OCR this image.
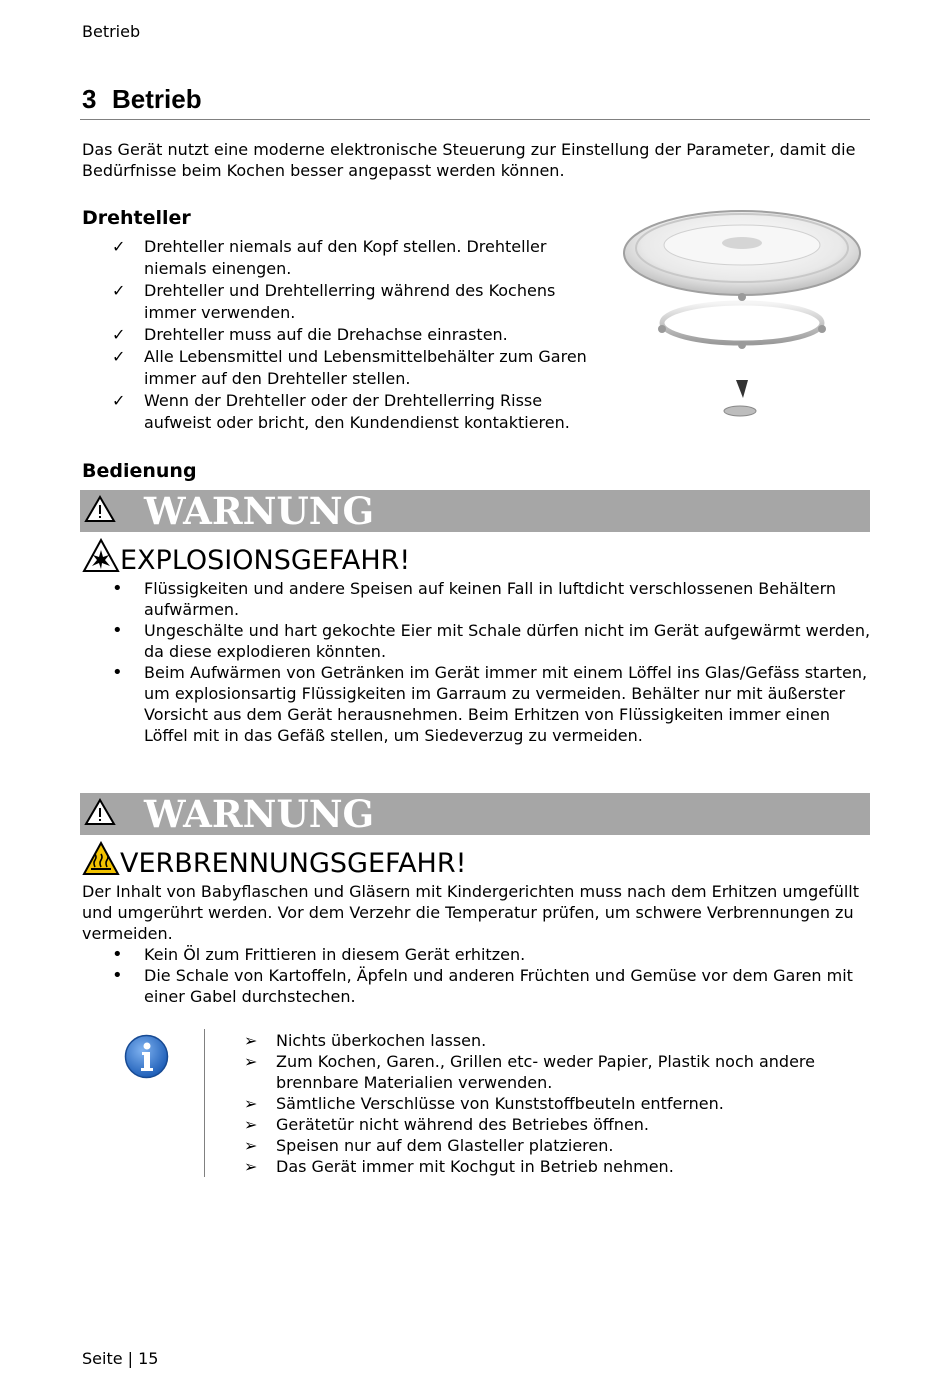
Betrieb
3 Betrieb
Das Gerät nutzt eine moderne elektronische Steuerung zur Einstellung der Parameter, damit die Bedürfnisse beim Kochen besser angepasst werden können.
Drehteller
✓	Drehteller niemals auf den Kopf stellen. Drehteller niemals einengen.
✓	Drehteller und Drehtellerring während des Kochens immer verwenden.
✓	Drehteller muss auf die Drehachse einrasten.
✓	Alle Lebensmittel und Lebensmittelbehälter zum Garen immer auf den Drehteller stellen.
✓	Wenn der Drehteller oder der Drehtellerring Risse aufweist oder bricht, den Kundendienst kontaktieren.
Bedienung
WARNUNG
EXPLOSIONSGEFAHR!
•	Flüssigkeiten und andere Speisen auf keinen Fall in luftdicht verschlossenen Behältern aufwärmen.
•	Ungeschälte und hart gekochte Eier mit Schale dürfen nicht im Gerät aufgewärmt werden, da diese explodieren könnten.
•	Beim Aufwärmen von Getränken im Gerät immer mit einem Löffel ins Glas/Gefäss starten, um explosionsartig Flüssigkeiten im Garraum zu vermeiden. Behälter nur mit äußerster Vorsicht aus dem Gerät herausnehmen. Beim Erhitzen von Flüssigkeiten immer einen Löffel mit in das Gefäß stellen, um Siedeverzug zu vermeiden.
WARNUNG
VERBRENNUNGSGEFAHR!
Der Inhalt von Babyflaschen und Gläsern mit Kindergerichten muss nach dem Erhitzen umgefüllt und umgerührt werden. Vor dem Verzehr die Temperatur prüfen, um schwere Verbrennungen zu vermeiden.
•	Kein Öl zum Frittieren in diesem Gerät erhitzen.
•	Die Schale von Kartoffeln, Äpfeln und anderen Früchten und Gemüse vor dem Garen mit einer Gabel durchstechen.
➢	Nichts überkochen lassen.
➢	Zum Kochen, Garen., Grillen etc- weder Papier, Plastik noch andere brennbare Materialien verwenden.
➢	Sämtliche Verschlüsse von Kunststoffbeuteln entfernen.
➢	Gerätetür nicht während des Betriebes öffnen.
➢	Speisen nur auf dem Glasteller platzieren.
➢	Das Gerät immer mit Kochgut in Betrieb nehmen.
Seite | 15
